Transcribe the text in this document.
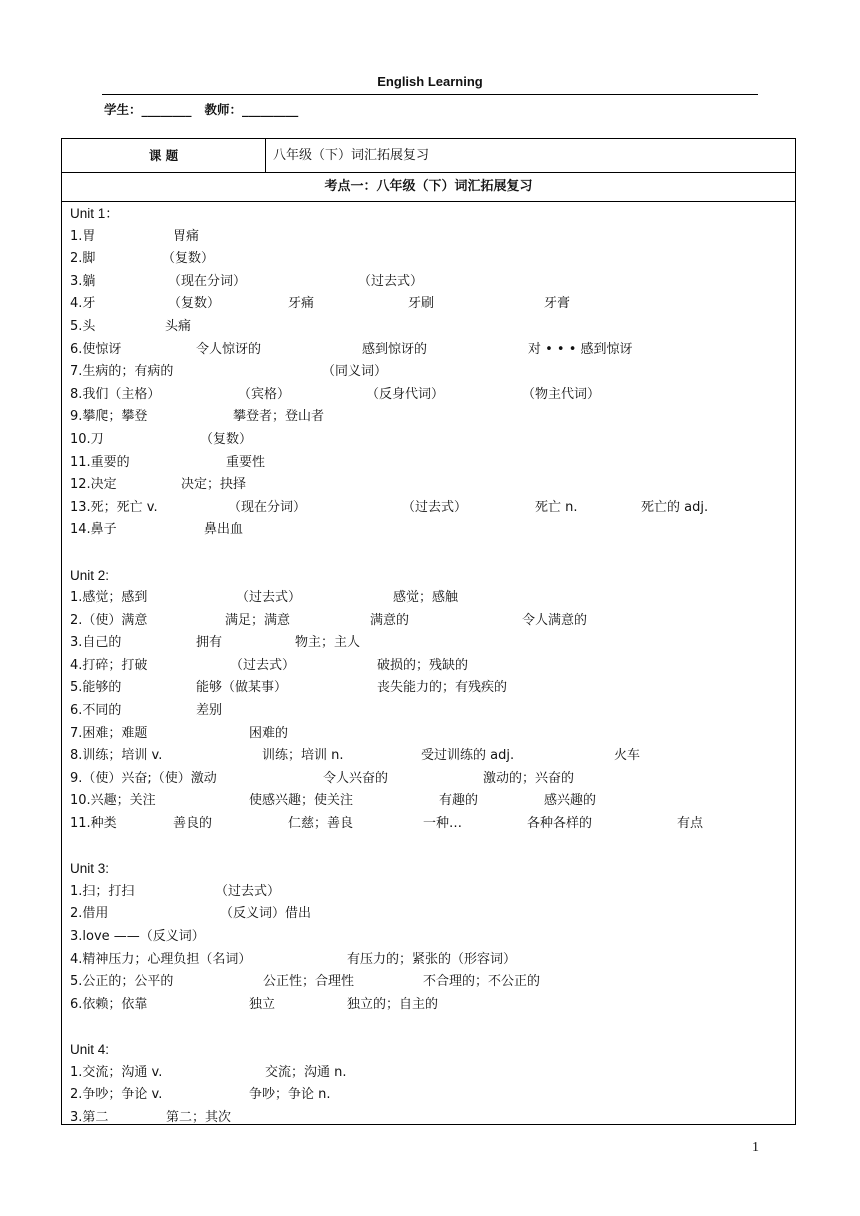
English Learning
学生：________   教师：_________
课 题	八年级（下）词汇拓展复习
考点一：八年级（下）词汇拓展复习
Unit 1：
1.胃	胃痛
2.脚	（复数）
3.躺	（现在分词）	（过去式）
4.牙	（复数）	牙痛	牙刷	牙膏
5.头	头痛
6.使惊讶	令人惊讶的	感到惊讶的	对 • • • 感到惊讶
7.生病的；有病的	（同义词）
8.我们（主格）	（宾格）	（反身代词）	（物主代词）
9.攀爬；攀登	攀登者；登山者
10.刀	（复数）
11.重要的	重要性
12.决定	决定；抉择
13.死；死亡 v.	（现在分词）	（过去式）	死亡 n.	死亡的 adj.
14.鼻子	鼻出血
Unit 2:
1.感觉；感到	（过去式）	感觉；感触
2.（使）满意	满足；满意	满意的	令人满意的
3.自己的	拥有	物主；主人
4.打碎；打破	（过去式）	破损的；残缺的
5.能够的	能够（做某事）	丧失能力的；有残疾的
6.不同的	差别
7.困难；难题	困难的
8.训练；培训 v.	训练；培训 n.	受过训练的 adj.	火车
9.（使）兴奋;（使）激动	令人兴奋的	激动的；兴奋的
10.兴趣；关注	使感兴趣；使关注	有趣的	感兴趣的
11.种类	善良的	仁慈；善良	一种…	各种各样的	有点
Unit 3:
1.扫；打扫	（过去式）
2.借用	（反义词）借出
3.love ——（反义词）
4.精神压力；心理负担（名词）	有压力的；紧张的（形容词）
5.公正的；公平的	公正性；合理性	不合理的；不公正的
6.依赖；依靠	独立	独立的；自主的
Unit 4:
1.交流；沟通 v.	交流；沟通 n.
2.争吵；争论 v.	争吵；争论 n.
3.第二	第二；其次
1
